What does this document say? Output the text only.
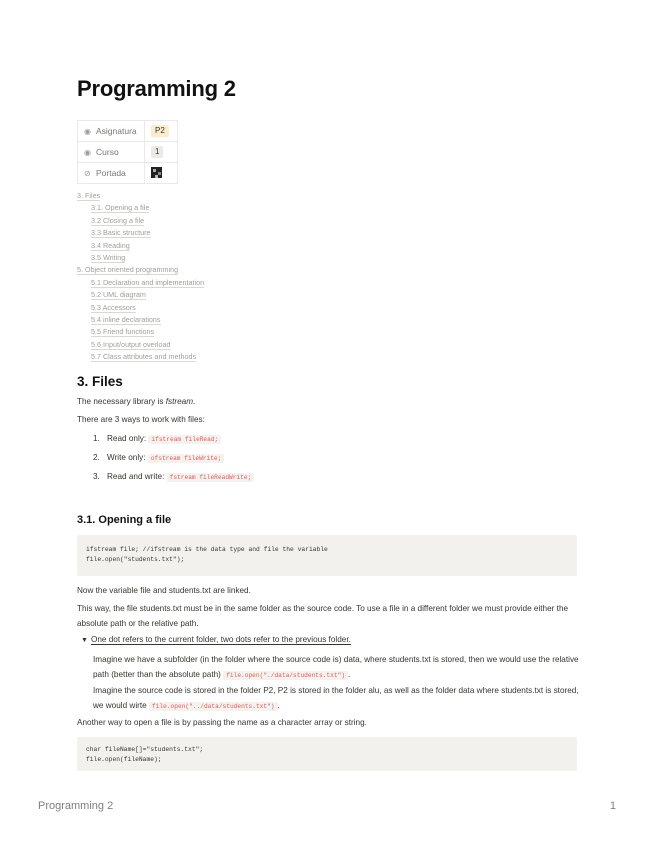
Programming 2
◉ Asignatura	P2
◉ Curso	1
⊘ Portada	
3. Files
3.1. Opening a file
3.2 Closing a file
3.3 Basic structure
3.4 Reading
3.5 Writing
5. Object oriented programming
5.1 Declaration and implementation
5.2 UML diagram
5.3 Accessors
5.4 inline declarations
5.5 Friend functions
5.6 Input/output overload
5.7 Class attributes and methods
3. Files

The necessary library is fstream.

There are 3 ways to work with files:

1. Read only: ifstream fileRead;
2. Write only: ofstream fileWrite;
3. Read and write: fstream fileReadWrite;
3.1. Opening a file
ifstream file; //ifstream is the data type and file the variable
file.open("students.txt");

Now the variable file and students.txt are linked.

This way, the file students.txt must be in the same folder as the source code. To use a file in a different folder we must provide either the absolute path or the relative path.

▼ One dot refers to the current folder, two dots refer to the previous folder.

Imagine we have a subfolder (in the folder where the source code is) data, where students.txt is stored, then we would use the relative path (better than the absolute path) file.open("./data/students.txt") .

Imagine the source code is stored in the folder P2, P2 is stored in the folder alu, as well as the folder data where students.txt is stored, we would wirte file.open("../data/students.txt") .

Another way to open a file is by passing the name as a character array or string.

char fileName[]="students.txt";
file.open(fileName);
Programming 2	1
